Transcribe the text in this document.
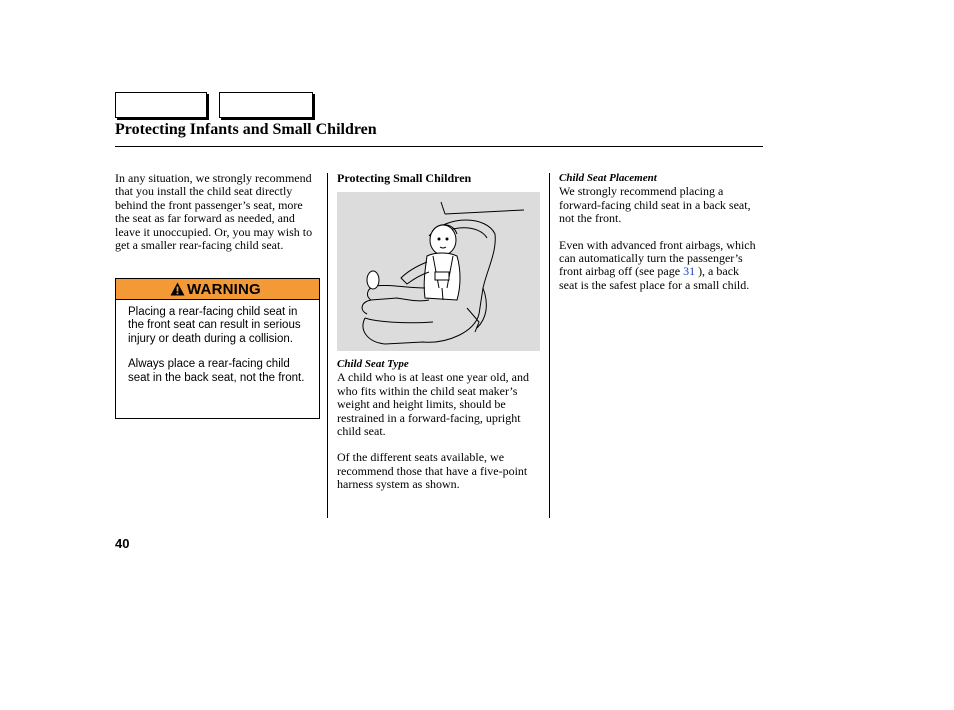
Protecting Infants and Small Children

In any situation, we strongly recommend that you install the child seat directly behind the front passenger’s seat, more the seat as far forward as needed, and leave it unoccupied. Or, you may wish to get a smaller rear-facing child seat.

WARNING

Placing a rear-facing child seat in the front seat can result in serious injury or death during a collision.

Always place a rear-facing child seat in the back seat, not the front.

Protecting Small Children

Child Seat Type

A child who is at least one year old, and who fits within the child seat maker’s weight and height limits, should be restrained in a forward-facing, upright child seat.

Of the different seats available, we recommend those that have a five-point harness system as shown.

Child Seat Placement

We strongly recommend placing a forward-facing child seat in a back seat, not the front.

Even with advanced front airbags, which can automatically turn the passenger’s front airbag off (see page 31 ), a back seat is the safest place for a small child.

40
